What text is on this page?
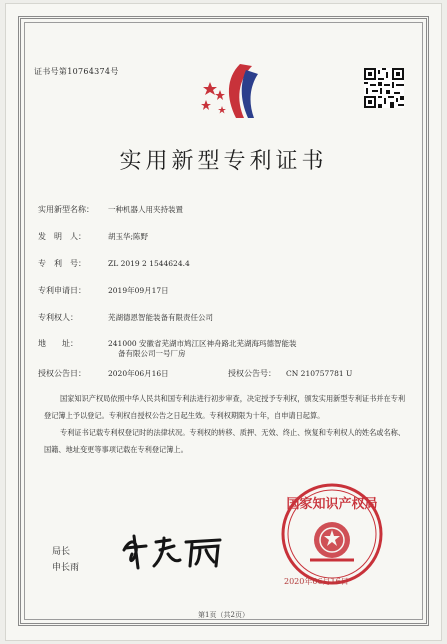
证书号第10764374号
实用新型专利证书
实用新型名称： 一种机器人用夹持装置
发　明　人：	胡玉华;陈野
专　利　号：	ZL 2019 2 1544624.4
专利申请日：	2019年09月17日
专利权人：	芜湖德恩智能装备有限责任公司
地　　址：	241000 安徽省芜湖市鸠江区神舟路北芜湖海玛德智能装
备有限公司一号厂房
授权公告日：	2020年06月16日	授权公告号： CN 210757781 U

国家知识产权局依照中华人民共和国专利法进行初步审查，决定授予专利权，颁发实用新型专利证书并在专利登记簿上予以登记。专利权自授权公告之日起生效。专利权期限为十年，自申请日起算。

专利证书记载专利权登记时的法律状况。专利权的转移、质押、无效、终止、恢复和专利权人的姓名或名称、国籍、地址变更等事项记载在专利登记簿上。

局长
申长雨
国家知识产权局
2020年06月16日
第1页（共2页）
